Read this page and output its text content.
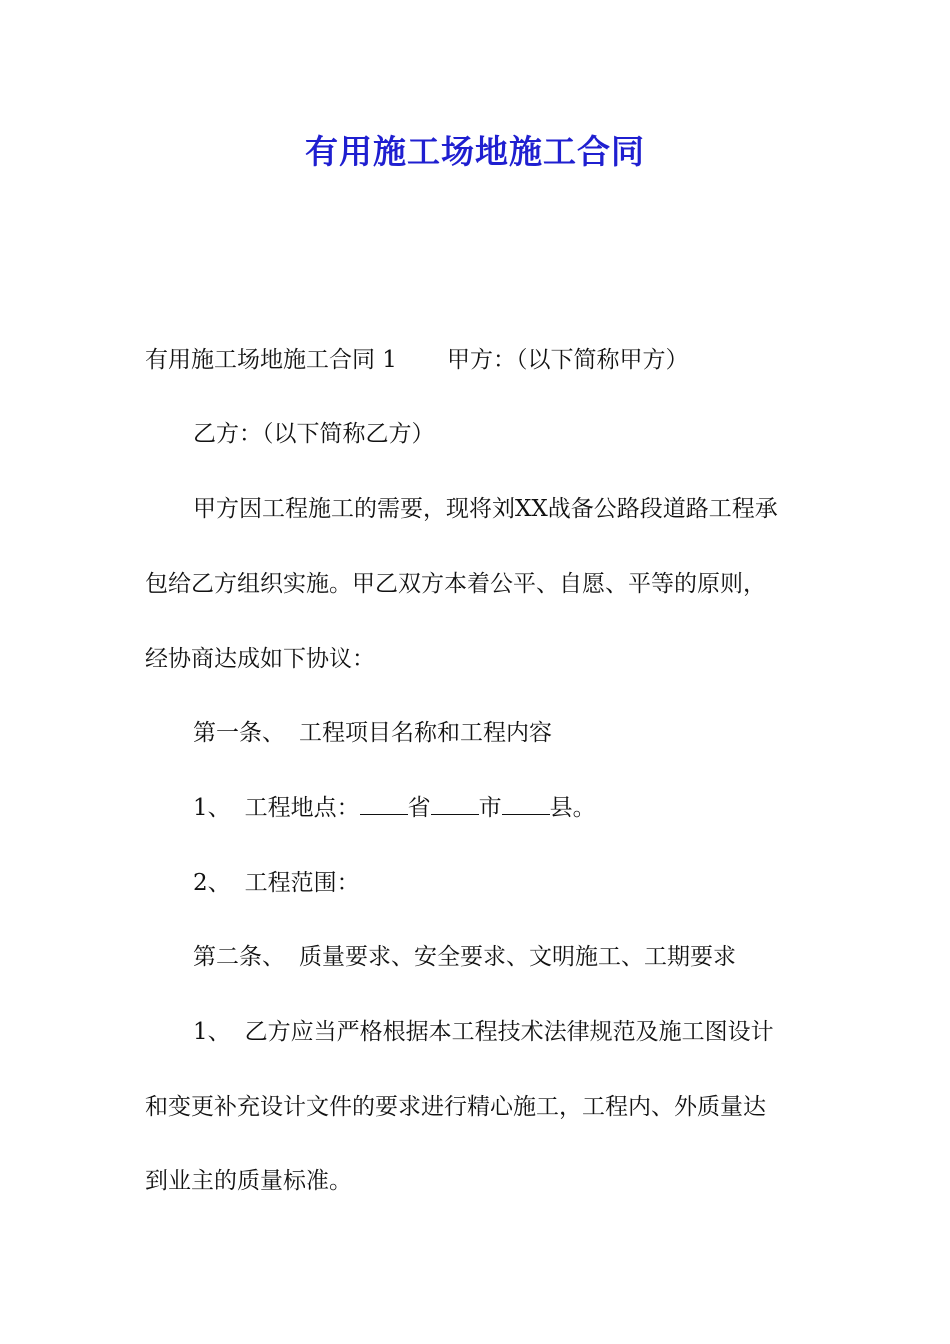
有用施工场地施工合同
有用施工场地施工合同 1 甲方：（以下简称甲方）
乙方：（以下简称乙方）
甲方因工程施工的需要，现将刘XX战备公路段道路工程承
包给乙方组织实施。甲乙双方本着公平、自愿、平等的原则，
经协商达成如下协议：
第一条、 工程项目名称和工程内容
1、 工程地点： 省 市 县。
2、 工程范围：
第二条、 质量要求、安全要求、文明施工、工期要求
1、 乙方应当严格根据本工程技术法律规范及施工图设计
和变更补充设计文件的要求进行精心施工，工程内、外质量达
到业主的质量标准。
